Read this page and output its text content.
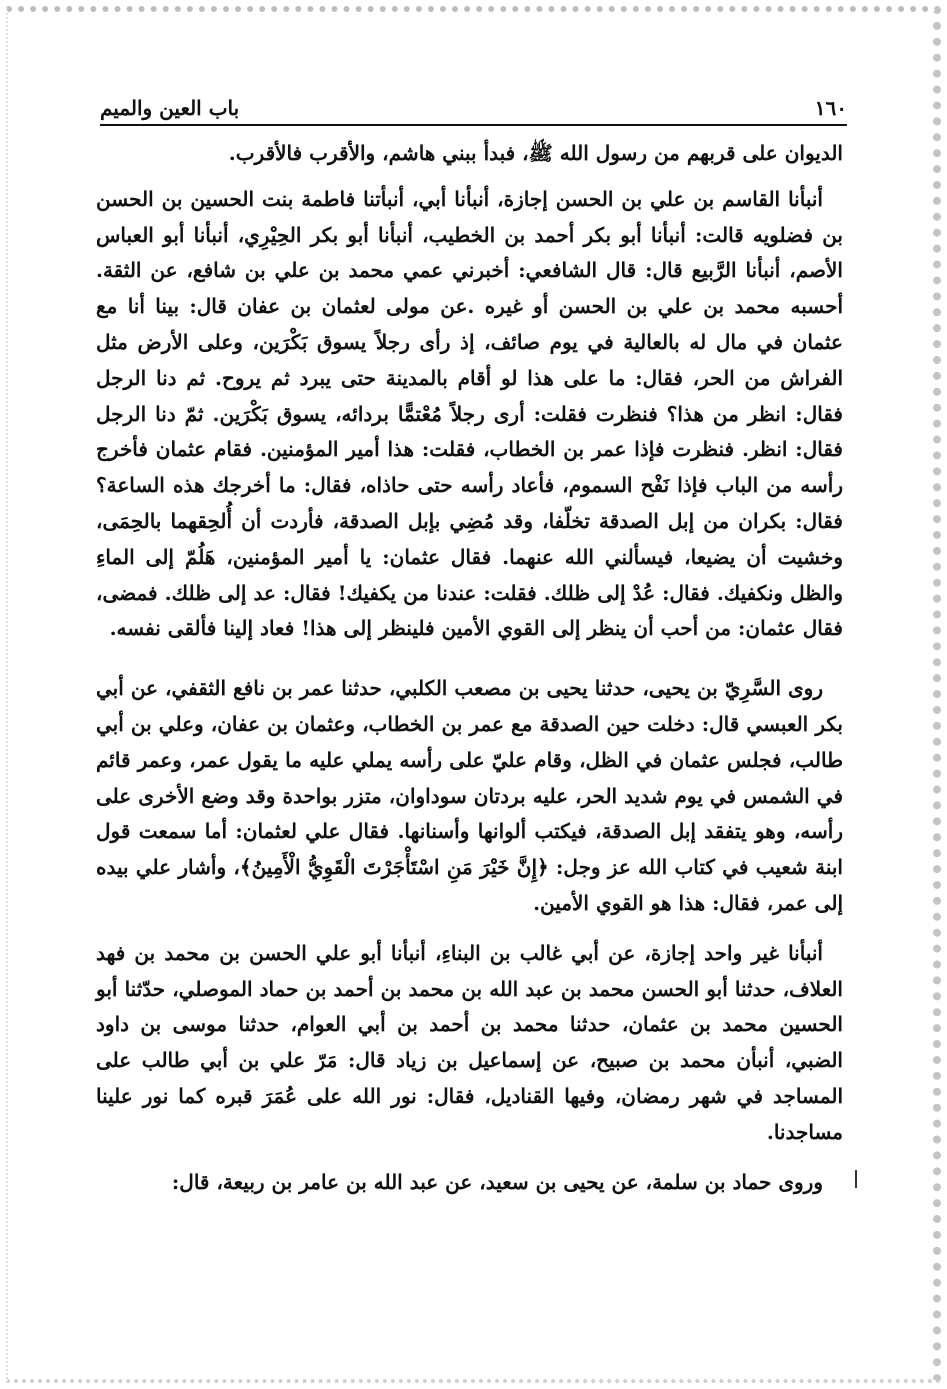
١٦٠
باب العين والميم

الديوان على قربهم من رسول الله ﷺ، فبدأ ببني هاشم، والأقرب فالأقرب.

أنبأنا القاسم بن علي بن الحسن إجازة، أنبأنا أبي، أنبأتنا فاطمة بنت الحسين بن الحسن بن فضلويه قالت: أنبأنا أبو بكر أحمد بن الخطيب، أنبأنا أبو بكر الحِيْرِي، أنبأنا أبو العباس الأصم، أنبأنا الرَّبيع قال: قال الشافعي: أخبرني عمي محمد بن علي بن شافع، عن الثقة. أحسبه محمد بن علي بن الحسن أو غيره .عن مولى لعثمان بن عفان قال: بينا أنا مع عثمان في مال له بالعالية في يوم صائف، إذ رأى رجلاً يسوق بَكْرَين، وعلى الأرض مثل الفراش من الحر، فقال: ما على هذا لو أقام بالمدينة حتى يبرد ثم يروح. ثم دنا الرجل فقال: انظر من هذا؟ فنظرت فقلت: أرى رجلاً مُعْتمًّا بردائه، يسوق بَكْرَين. ثمّ دنا الرجل فقال: انظر. فنظرت فإذا عمر بن الخطاب، فقلت: هذا أمير المؤمنين. فقام عثمان فأخرج رأسه من الباب فإذا نَفْح السموم، فأعاد رأسه حتى حاذاه، فقال: ما أخرجك هذه الساعة؟ فقال: بكران من إبل الصدقة تخلّفا، وقد مُضِي بإبل الصدقة، فأردت أن أُلحِقهما بالحِمَى، وخشيت أن يضيعا، فيسألني الله عنهما. فقال عثمان: يا أمير المؤمنين، هَلُمّ إلى الماءِ والظل ونكفيك. فقال: عُدْ إلى ظلك. فقلت: عندنا من يكفيك! فقال: عد إلى ظلك. فمضى، فقال عثمان: من أحب أن ينظر إلى القوي الأمين فلينظر إلى هذا! فعاد إلينا فألقى نفسه.

روى السَّرِيّ بن يحيى، حدثنا يحيى بن مصعب الكلبي، حدثنا عمر بن نافع الثقفي، عن أبي بكر العبسي قال: دخلت حين الصدقة مع عمر بن الخطاب، وعثمان بن عفان، وعلي بن أبي طالب، فجلس عثمان في الظل، وقام عليّ على رأسه يملي عليه ما يقول عمر، وعمر قائم في الشمس في يوم شديد الحر، عليه بردتان سوداوان، متزر بواحدة وقد وضع الأخرى على رأسه، وهو يتفقد إبل الصدقة، فيكتب ألوانها وأسنانها. فقال علي لعثمان: أما سمعت قول ابنة شعيب في كتاب الله عز وجل: ﴿إِنَّ خَيْرَ مَنِ اسْتَأْجَرْتَ الْقَوِيُّ الْأَمِينُ﴾، وأشار علي بيده إلى عمر، فقال: هذا هو القوي الأمين.

أنبأنا غير واحد إجازة، عن أبي غالب بن البناءِ، أنبأنا أبو علي الحسن بن محمد بن فهد العلاف، حدثنا أبو الحسن محمد بن عبد الله بن محمد بن أحمد بن حماد الموصلي، حدّثنا أبو الحسين محمد بن عثمان، حدثنا محمد بن أحمد بن أبي العوام، حدثنا موسى بن داود الضبي، أنبأن محمد بن صبيح، عن إسماعيل بن زياد قال: مَرّ علي بن أبي طالب على المساجد في شهر رمضان، وفيها القناديل، فقال: نور الله على عُمَرَ قبره كما نور علينا مساجدنا.

وروى حماد بن سلمة، عن يحيى بن سعيد، عن عبد الله بن عامر بن ربيعة، قال:
